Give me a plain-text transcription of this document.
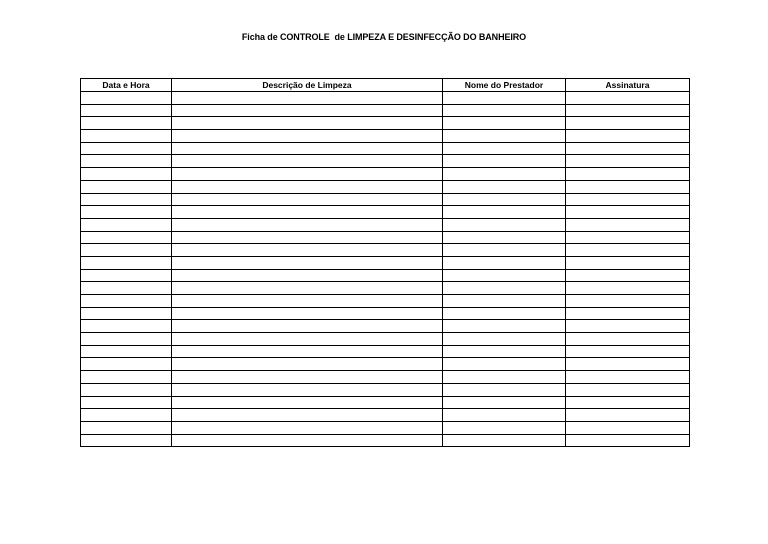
Ficha de CONTROLE  de LIMPEZA E DESINFECÇÃO DO BANHEIRO
Data e Hora	Descrição de Limpeza	Nome do Prestador	Assinatura
